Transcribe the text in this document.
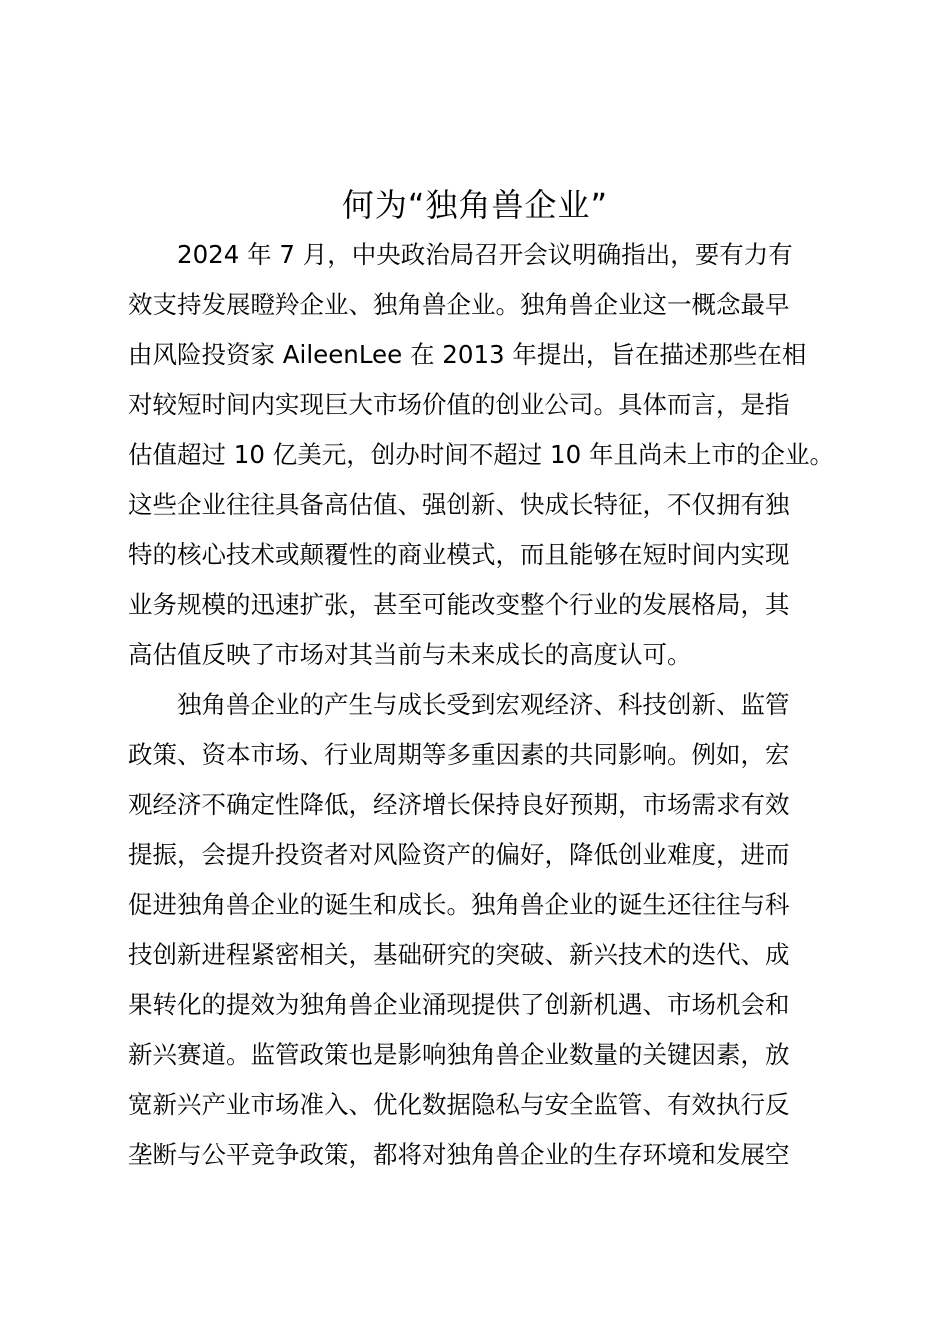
何为“独角兽企业”
2024 年 7 月，中央政治局召开会议明确指出，要有力有
效支持发展瞪羚企业、独角兽企业。独角兽企业这一概念最早
由风险投资家 AileenLee 在 2013 年提出，旨在描述那些在相
对较短时间内实现巨大市场价值的创业公司。具体而言，是指
估值超过 10 亿美元，创办时间不超过 10 年且尚未上市的企业。
这些企业往往具备高估值、强创新、快成长特征，不仅拥有独
特的核心技术或颠覆性的商业模式，而且能够在短时间内实现
业务规模的迅速扩张，甚至可能改变整个行业的发展格局，其
高估值反映了市场对其当前与未来成长的高度认可。
独角兽企业的产生与成长受到宏观经济、科技创新、监管
政策、资本市场、行业周期等多重因素的共同影响。例如，宏
观经济不确定性降低，经济增长保持良好预期，市场需求有效
提振，会提升投资者对风险资产的偏好，降低创业难度，进而
促进独角兽企业的诞生和成长。独角兽企业的诞生还往往与科
技创新进程紧密相关，基础研究的突破、新兴技术的迭代、成
果转化的提效为独角兽企业涌现提供了创新机遇、市场机会和
新兴赛道。监管政策也是影响独角兽企业数量的关键因素，放
宽新兴产业市场准入、优化数据隐私与安全监管、有效执行反
垄断与公平竞争政策，都将对独角兽企业的生存环境和发展空
